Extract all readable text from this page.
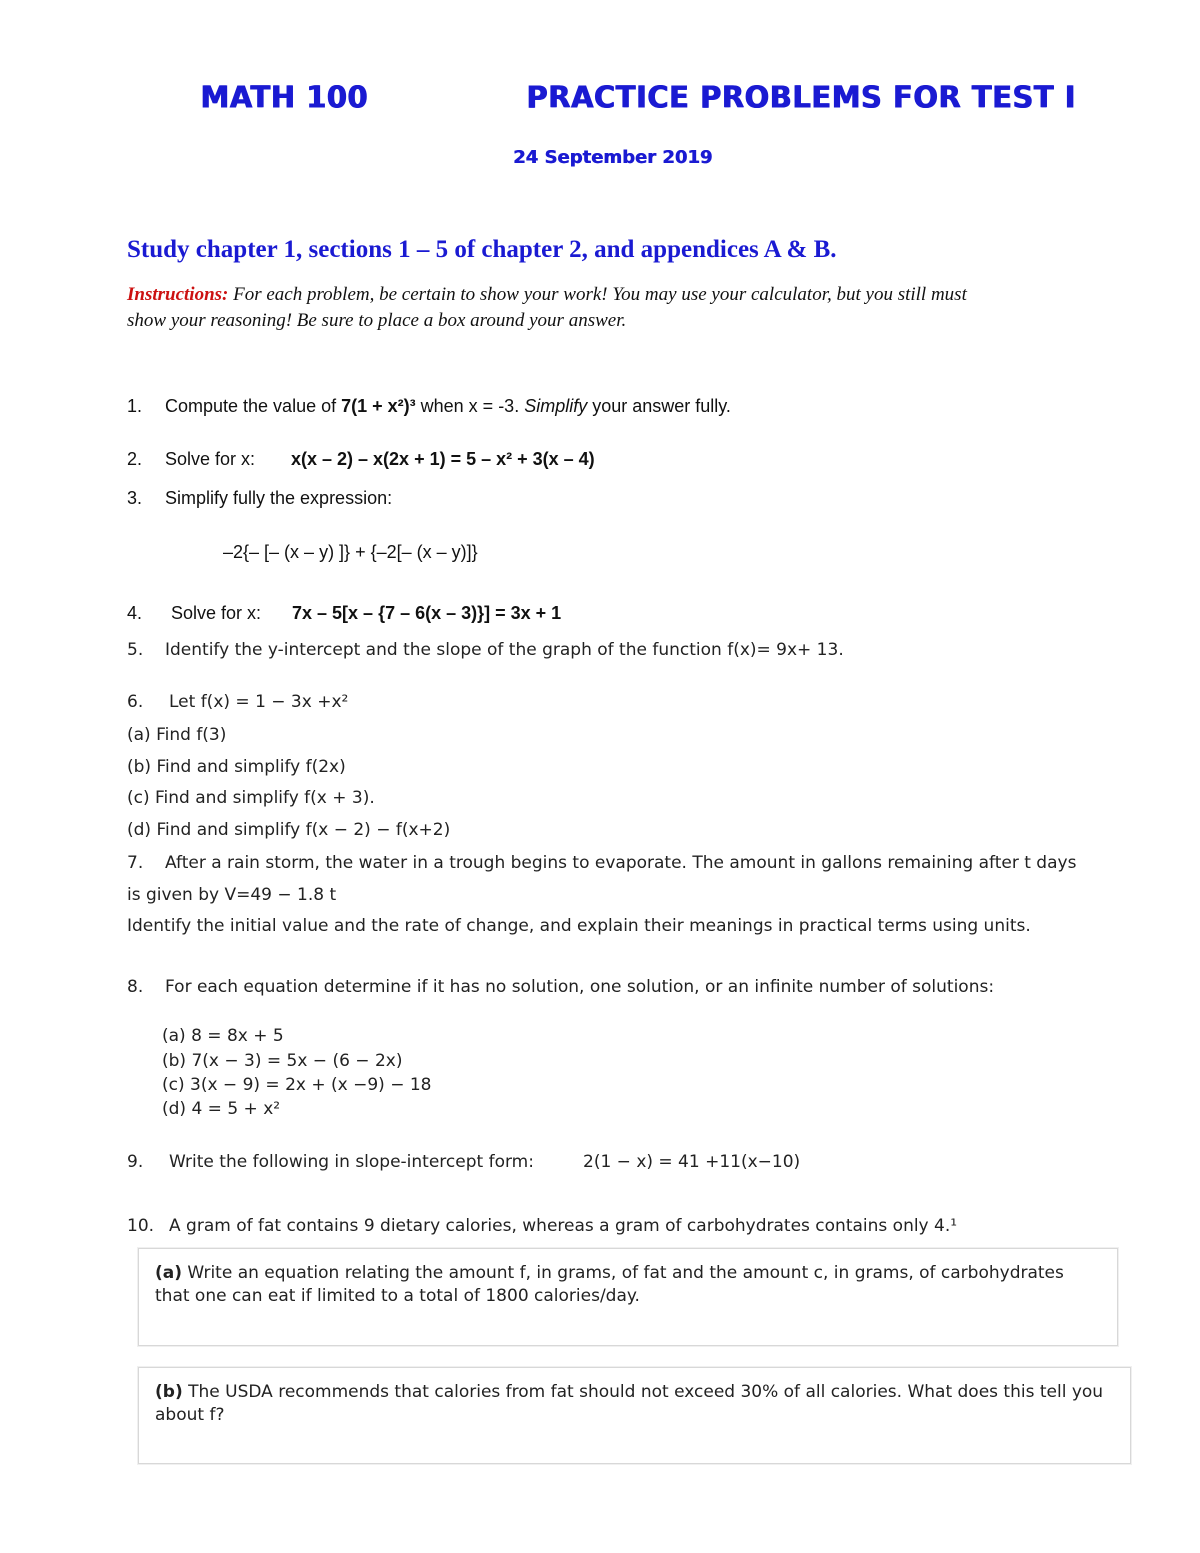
MATH 100	PRACTICE PROBLEMS FOR TEST I
24 September 2019
Study chapter 1, sections 1 – 5 of chapter 2, and appendices A & B.
Instructions: For each problem, be certain to show your work! You may use your calculator, but you still must
show your reasoning! Be sure to place a box around your answer.
1. Compute the value of 7(1 + x²)³ when x = -3. Simplify your answer fully.
2. Solve for x: x(x – 2) – x(2x + 1) = 5 – x² + 3(x – 4)
3. Simplify fully the expression:
–2{– [– (x – y) ]} + {–2[– (x – y)]}
4. Solve for x: 7x – 5[x – {7 – 6(x – 3)}] = 3x + 1
5. Identify the y-intercept and the slope of the graph of the function f(x)= 9x+ 13.
6. Let f(x) = 1 − 3x +x²
(a) Find f(3)
(b) Find and simplify f(2x)
(c) Find and simplify f(x + 3).
(d) Find and simplify f(x − 2) − f(x+2)
7. After a rain storm, the water in a trough begins to evaporate. The amount in gallons remaining after t days
is given by V=49 − 1.8 t
Identify the initial value and the rate of change, and explain their meanings in practical terms using units.
8. For each equation determine if it has no solution, one solution, or an infinite number of solutions:
(a) 8 = 8x + 5
(b) 7(x − 3) = 5x − (6 − 2x)
(c) 3(x − 9) = 2x + (x −9) − 18
(d) 4 = 5 + x²
9. Write the following in slope-intercept form:	2(1 − x) = 41 +11(x−10)
10. A gram of fat contains 9 dietary calories, whereas a gram of carbohydrates contains only 4.¹
(a) Write an equation relating the amount f, in grams, of fat and the amount c, in grams, of carbohydrates that one can eat if limited to a total of 1800 calories/day.
(b) The USDA recommends that calories from fat should not exceed 30% of all calories. What does this tell you about f?
